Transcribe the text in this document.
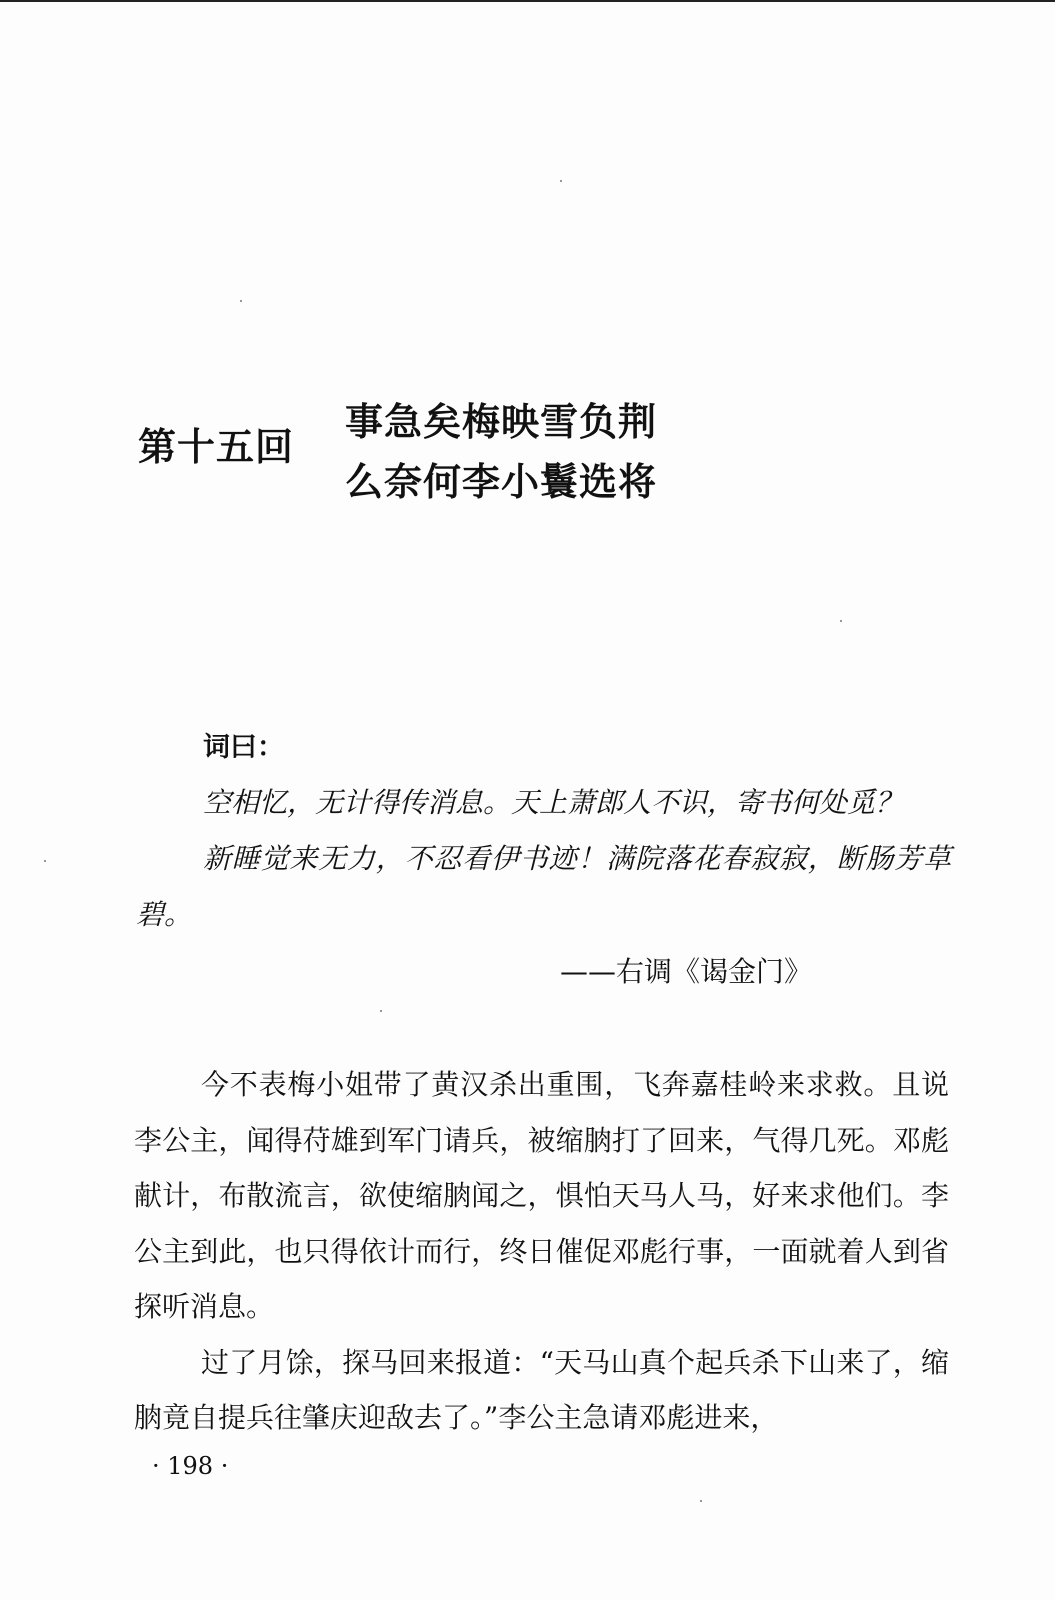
第十五回
事急矣梅映雪负荆
么奈何李小鬟选将
词曰：

空相忆，无计得传消息。天上萧郎人不识，寄书何处觅？

新睡觉来无力，不忍看伊书迹！满院落花春寂寂，断肠芳草碧。

——右调《谒金门》

今不表梅小姐带了黄汉杀出重围，飞奔嘉桂岭来求救。且说李公主，闻得苻雄到军门请兵，被缩朒打了回来，气得几死。邓彪献计，布散流言，欲使缩朒闻之，惧怕天马人马，好来求他们。李公主到此，也只得依计而行，终日催促邓彪行事，一面就着人到省探听消息。

过了月馀，探马回来报道：“天马山真个起兵杀下山来了，缩朒竟自提兵往肇庆迎敌去了。”李公主急请邓彪进来，

· 198 ·
